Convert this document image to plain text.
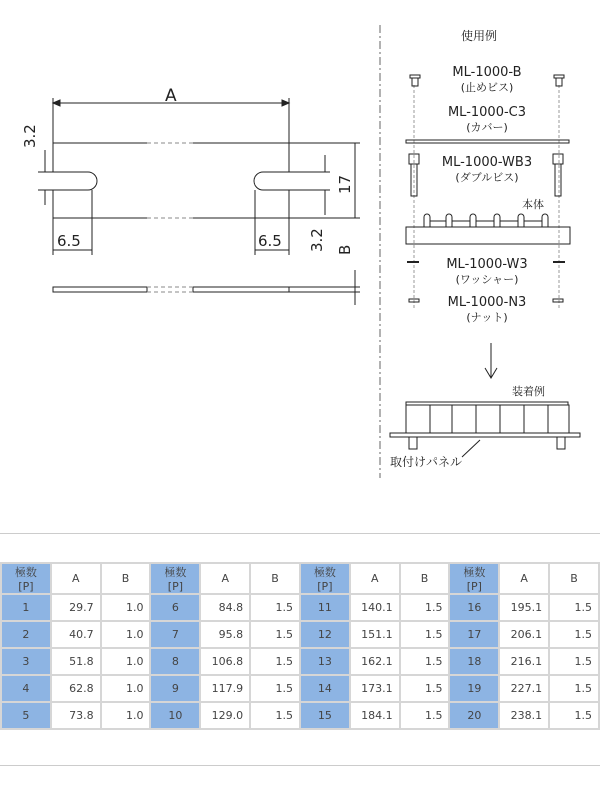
A
3.2
6.5	6.5
17
3.2 B
使用例
ML-1000-B
(止めビス)
ML-1000-C3
(カバー)
ML-1000-WB3
(ダブルビス)
ML-1000-W3
(ワッシャー)
ML-1000-N3
(ナット)
本体
装着例
取付けパネル
極数[P]	A	B	極数[P]	A	B	極数[P]	A	B	極数[P]	A	B
1	29.7	1.0	6	84.8	1.5	11	140.1	1.5	16	195.1	1.5
2	40.7	1.0	7	95.8	1.5	12	151.1	1.5	17	206.1	1.5
3	51.8	1.0	8	106.8	1.5	13	162.1	1.5	18	216.1	1.5
4	62.8	1.0	9	117.9	1.5	14	173.1	1.5	19	227.1	1.5
5	73.8	1.0	10	129.0	1.5	15	184.1	1.5	20	238.1	1.5
